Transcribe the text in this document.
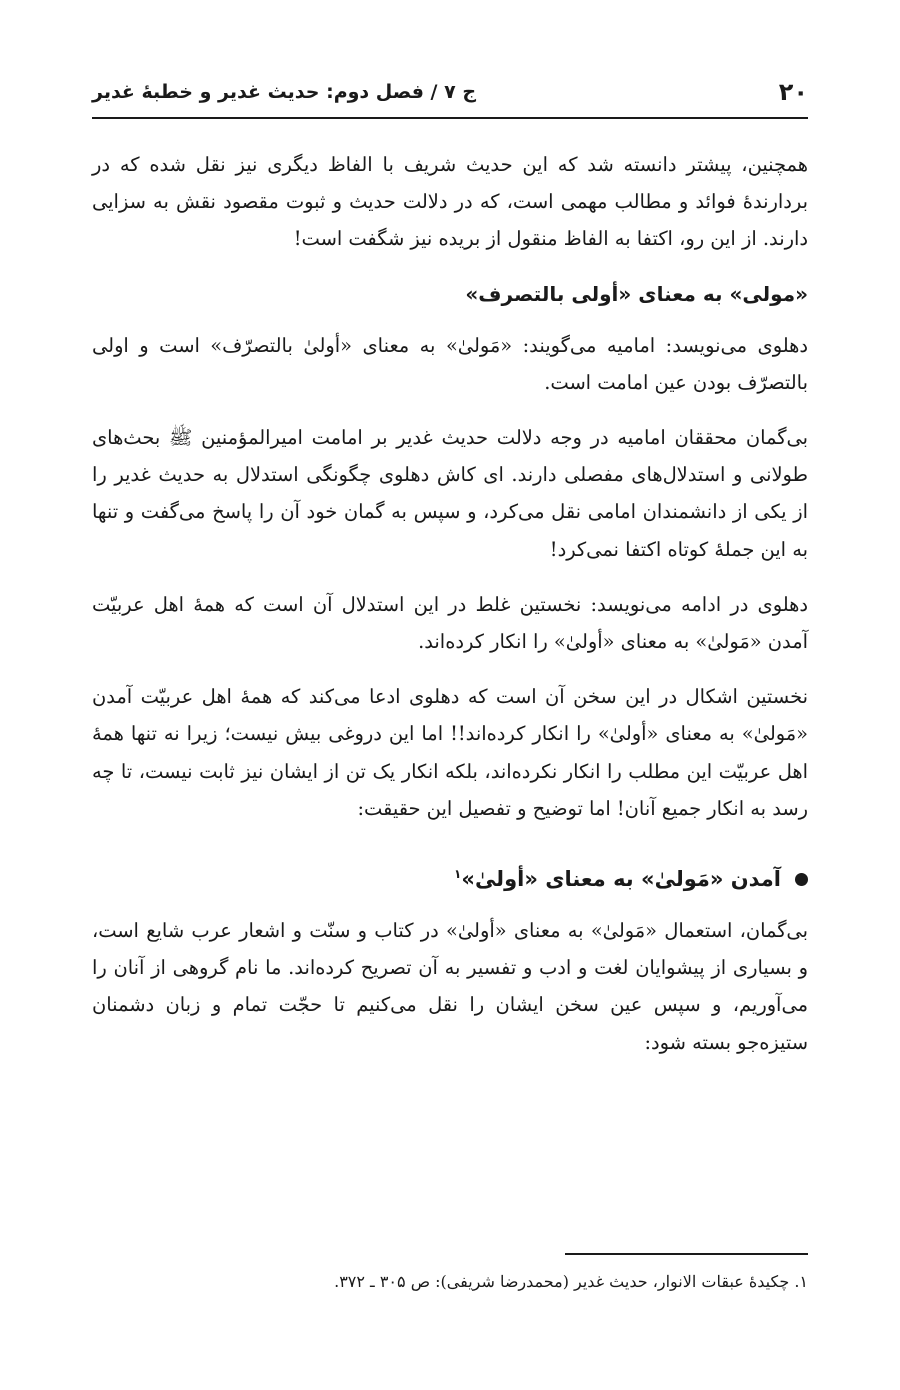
۲۰
ج ۷ / فصل دوم: حدیث غدیر و خطبهٔ غدیر

همچنین، پیشتر دانسته شد که این حدیث شریف با الفاظ دیگری نیز نقل شده که در بردارندهٔ فوائد و مطالب مهمی است، که در دلالت حدیث و ثبوت مقصود نقش به سزایی دارند. از این رو، اکتفا به الفاظ منقول از بریده نیز شگفت است!

«مولی» به معنای «أولی بالتصرف»

دهلوی می‌نویسد: امامیه می‌گویند: «مَولیٰ» به معنای «أولیٰ بالتصرّف» است و اولی بالتصرّف بودن عین امامت است.

بی‌گمان محققان امامیه در وجه دلالت حدیث غدیر بر امامت امیرالمؤمنین ﷺ بحث‌های طولانی و استدلال‌های مفصلی دارند. ای کاش دهلوی چگونگی استدلال به حدیث غدیر را از یکی از دانشمندان امامی نقل می‌کرد، و سپس به گمان خود آن را پاسخ می‌گفت و تنها به این جملهٔ کوتاه اکتفا نمی‌کرد!

دهلوی در ادامه می‌نویسد: نخستین غلط در این استدلال آن است که همهٔ اهل عربیّت آمدن «مَولیٰ» به معنای «أولیٰ» را انکار کرده‌اند.

نخستین اشکال در این سخن آن است که دهلوی ادعا می‌کند که همهٔ اهل عربیّت آمدن «مَولیٰ» به معنای «أولیٰ» را انکار کرده‌اند!! اما این دروغی بیش نیست؛ زیرا نه تنها همهٔ اهل عربیّت این مطلب را انکار نکرده‌اند، بلکه انکار یک تن از ایشان نیز ثابت نیست، تا چه رسد به انکار جمیع آنان! اما توضیح و تفصیل این حقیقت:

آمدن «مَولیٰ» به معنای «أولیٰ»$^۱$

بی‌گمان، استعمال «مَولیٰ» به معنای «أولیٰ» در کتاب و سنّت و اشعار عرب شایع است، و بسیاری از پیشوایان لغت و ادب و تفسیر به آن تصریح کرده‌اند. ما نام گروهی از آنان را می‌آوریم، و سپس عین سخن ایشان را نقل می‌کنیم تا حجّت تمام و زبان دشمنان ستیزه‌جو بسته شود:

۱. چکیدهٔ عبقات الانوار، حدیث غدیر (محمدرضا شریفی): ص ۳۰۵ ـ ۳۷۲.
